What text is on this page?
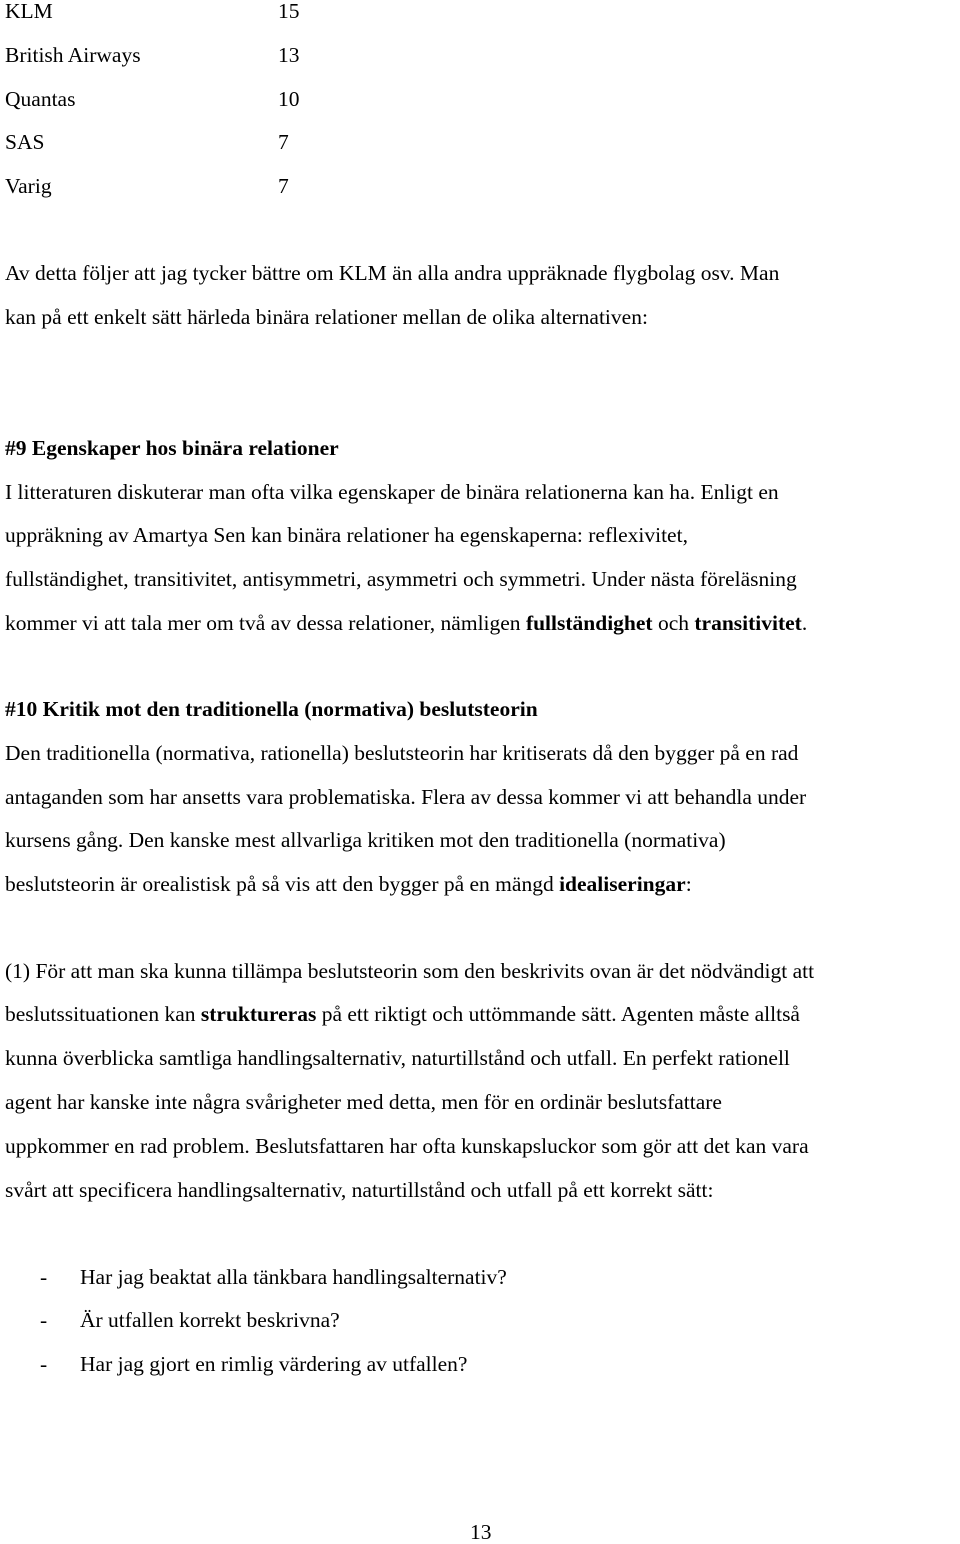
KLM	15
British Airways	13
Quantas	10
SAS	7
Varig	7
Av detta följer att jag tycker bättre om KLM än alla andra uppräknade flygbolag osv. Man
kan på ett enkelt sätt härleda binära relationer mellan de olika alternativen:
#9 Egenskaper hos binära relationer
I litteraturen diskuterar man ofta vilka egenskaper de binära relationerna kan ha. Enligt en
uppräkning av Amartya Sen kan binära relationer ha egenskaperna: reflexivitet,
fullständighet, transitivitet, antisymmetri, asymmetri och symmetri. Under nästa föreläsning
kommer vi att tala mer om två av dessa relationer, nämligen fullständighet och transitivitet.
#10 Kritik mot den traditionella (normativa) beslutsteorin
Den traditionella (normativa, rationella) beslutsteorin har kritiserats då den bygger på en rad
antaganden som har ansetts vara problematiska. Flera av dessa kommer vi att behandla under
kursens gång. Den kanske mest allvarliga kritiken mot den traditionella (normativa)
beslutsteorin är orealistisk på så vis att den bygger på en mängd idealiseringar:
(1) För att man ska kunna tillämpa beslutsteorin som den beskrivits ovan är det nödvändigt att
beslutssituationen kan struktureras på ett riktigt och uttömmande sätt. Agenten måste alltså
kunna överblicka samtliga handlingsalternativ, naturtillstånd och utfall. En perfekt rationell
agent har kanske inte några svårigheter med detta, men för en ordinär beslutsfattare
uppkommer en rad problem. Beslutsfattaren har ofta kunskapsluckor som gör att det kan vara
svårt att specificera handlingsalternativ, naturtillstånd och utfall på ett korrekt sätt:
- Har jag beaktat alla tänkbara handlingsalternativ?
- Är utfallen korrekt beskrivna?
- Har jag gjort en rimlig värdering av utfallen?
13
